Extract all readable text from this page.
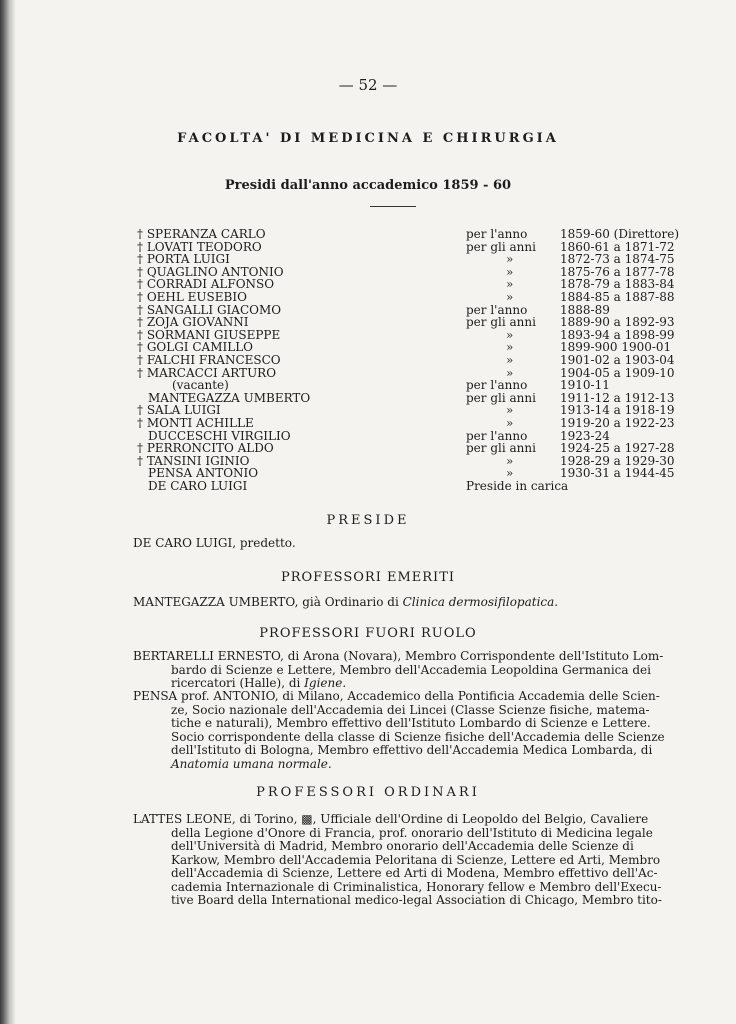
— 52 —
FACOLTA' DI MEDICINA E CHIRURGIA
Presidi dall'anno accademico 1859 - 60
† SPERANZA CARLO	per l'anno	1859-60 (Direttore)
† LOVATI TEODORO	per gli anni 1860-61 a 1871-72
† PORTA LUIGI	»	1872-73 a 1874-75
† QUAGLINO ANTONIO	»	1875-76 a 1877-78
† CORRADI ALFONSO	»	1878-79 a 1883-84
† OEHL EUSEBIO	»	1884-85 a 1887-88
† SANGALLI GIACOMO	per l'anno	1888-89
† ZOJA GIOVANNI	per gli anni 1889-90 a 1892-93
† SORMANI GIUSEPPE	»	1893-94 a 1898-99
† GOLGI CAMILLO	»	1899-900 1900-01
† FALCHI FRANCESCO	»	1901-02 a 1903-04
† MARCACCI ARTURO	»	1904-05 a 1909-10
(vacante)	per l'anno	1910-11
MANTEGAZZA UMBERTO	per gli anni 1911-12 a 1912-13
† SALA LUIGI	»	1913-14 a 1918-19
† MONTI ACHILLE	»	1919-20 a 1922-23
DUCCESCHI VIRGILIO	per l'anno	1923-24
† PERRONCITO ALDO	per gli anni 1924-25 a 1927-28
† TANSINI IGINIO	»	1928-29 a 1929-30
PENSA ANTONIO	»	1930-31 a 1944-45
DE CARO LUIGI	Preside in carica
PRESIDE
DE CARO LUIGI, predetto.
PROFESSORI EMERITI
MANTEGAZZA UMBERTO, già Ordinario di Clinica dermosifilopatica.
PROFESSORI FUORI RUOLO
BERTARELLI ERNESTO, di Arona (Novara), Membro Corrispondente dell'Istituto Lom-
bardo di Scienze e Lettere, Membro dell'Accademia Leopoldina Germanica dei
ricercatori (Halle), di Igiene.
PENSA prof. ANTONIO, di Milano, Accademico della Pontificia Accademia delle Scien-
ze, Socio nazionale dell'Accademia dei Lincei (Classe Scienze fisiche, matema-
tiche e naturali), Membro effettivo dell'Istituto Lombardo di Scienze e Lettere.
Socio corrispondente della classe di Scienze fisiche dell'Accademia delle Scienze
dell'Istituto di Bologna, Membro effettivo dell'Accademia Medica Lombarda, di
Anatomia umana normale.
PROFESSORI ORDINARI
LATTES LEONE, di Torino, ▩, Ufficiale dell'Ordine di Leopoldo del Belgio, Cavaliere
della Legione d'Onore di Francia, prof. onorario dell'Istituto di Medicina legale
dell'Università di Madrid, Membro onorario dell'Accademia delle Scienze di
Karkow, Membro dell'Accademia Peloritana di Scienze, Lettere ed Arti, Membro
dell'Accademia di Scienze, Lettere ed Arti di Modena, Membro effettivo dell'Ac-
cademia Internazionale di Criminalistica, Honorary fellow e Membro dell'Execu-
tive Board della International medico-legal Association di Chicago, Membro tito-
